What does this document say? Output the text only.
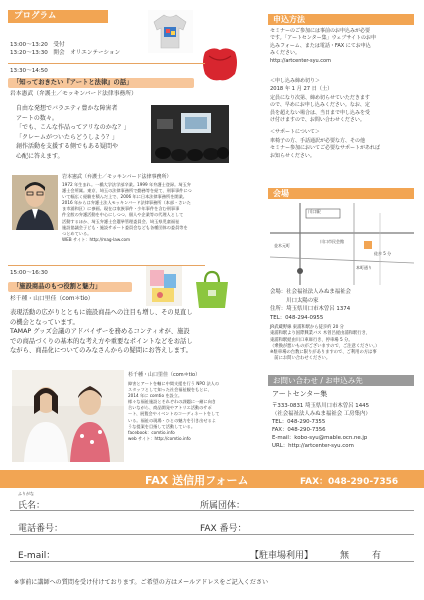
プログラム
13:00～13:20　受付
13:20～13:30　開会　オリエンテーション
13:30～14:50
「知っておきたい『アートと法律』の話」
岩本憲武（弁護士／モッキンバード法律事務所）
自由な発想でバラエティ豊かな障害者
アートの数々。
「でも、こんな作品ってアリなのかな？」
「クレームがついたらどうしよう？」
創作活動を支援する側でもある疑問や
心配に答えます。
岩本憲武（弁護士／モッキンバード法律事務所）
1972 年生まれ。一橋大学法学部卒業。1999 年弁護士登録。埼玉弁
護士会所属。東京、埼玉の法律事務所で勤務等を経て、刑事事件につ
いて幅広く経験を積んだ上で、2006 年に日本法律事務所を開業。
2016 年からは弁護士法人モッキンバード法律事務所（本部・さいた
ま市浦和区）に参画。現在は家族事件・少年事件を含む刑事事
件全般の弁護活動を中心にしつつ、個人や企業等の代理人として
活動するほか、埼玉弁護士会選挙管理委員会、埼玉県児童福祉
施設協議会子ども・施設サポート委員会なども各種団体の委員等を
つとめている。
WEB サイト：http://mag-law.com
15:00～16:30
「施設商品のもつ役割と魅力」
杉千種・山口里佳（com＊tio）
表現活動の広がりとともに施設商品への注目も増し、その見直し
の機会となっています。
TAMAP グッズ会議のアドバイザーを務めるコンティオが、施設
での商品づくりの基本的な考え方や重要なポイントなどをお話し
ながら、商品化についてのみなさんからの疑問にお答えします。
杉千種・山口里佳（com＊tio）
障害とアートを軸に中間支援を行う NPO 法人の
スタッフとして知った社会福祉観をもとに、
2014 年に comtio を設立。
様々な福祉施設とそれぞれの課題に一緒に向き
合いながら、商品開発やアトリエ活動のサポ
ート、展覧会やイベントのコーディネートをして
いる。福祉の現場・ひとの魅力を引き出せるよ
うな提案を目指して活動している。
facebook：comtio.info
web サイト：http://comtio.info
申込方法
セミナーのご参加には事前のお申込みが必要
です。「アートセンター集」ウェブサイトのお申
込みフォーム、または電話・FAX にてお申込
みください。
http://artcenter-syu.com
＜申し込み締め切り＞
2018 年 1 月 27 日（土）
定員になり次第、締め切らせていただきます
ので、早めにお申し込みください。なお、定
員を超えない場合は、当日まで申し込みを受
け付けますので、お問い合わせください。
＜サポートについて＞
車椅子の方、手話通訳が必要な方、その他
セミナー参加においてご必要なサポートがあれば
お知らせください。
会場
川口駅
川口市民会館
並木元町
本町通り
徒歩 5 分
会場：社会福祉法人みぬま福祉会
　　　川口太陽の家
住所：埼玉県川口市木曽呂 1374
TEL：048-294-0955
JR武蔵野線 東浦和駅から徒歩約 20 分
東浦和駅より国際興業バス 木曽呂経由浦和駅行き、
東浦和駅経由川口車庫行き、停車場 5 分。
（乗換が悪いものがございますので、ご注意ください。）
※駐車場の台数に限りがありますので、ご利用の方は事
　前にお問い合わせください。
お問い合わせ / お申込み先
アートセンター集
〒333-0831 埼玉県川口市木曽呂 1445
（社会福祉法人みぬま福祉会 工房集内）
TEL：048-290-7355
FAX：048-290-7356
E-mail：kobo-syu@mable.ocn.ne.jp
URL：http://artcenter-syu.com
FAX 送信用フォーム	FAX：048-290-7356
ふりがな
氏名：	所属団体：
電話番号：	FAX 番号：
E-mail：	【駐車場利用】	無	有
※事前に講師への質問を受け付けております。ご希望の方はメールアドレスをご記入ください
